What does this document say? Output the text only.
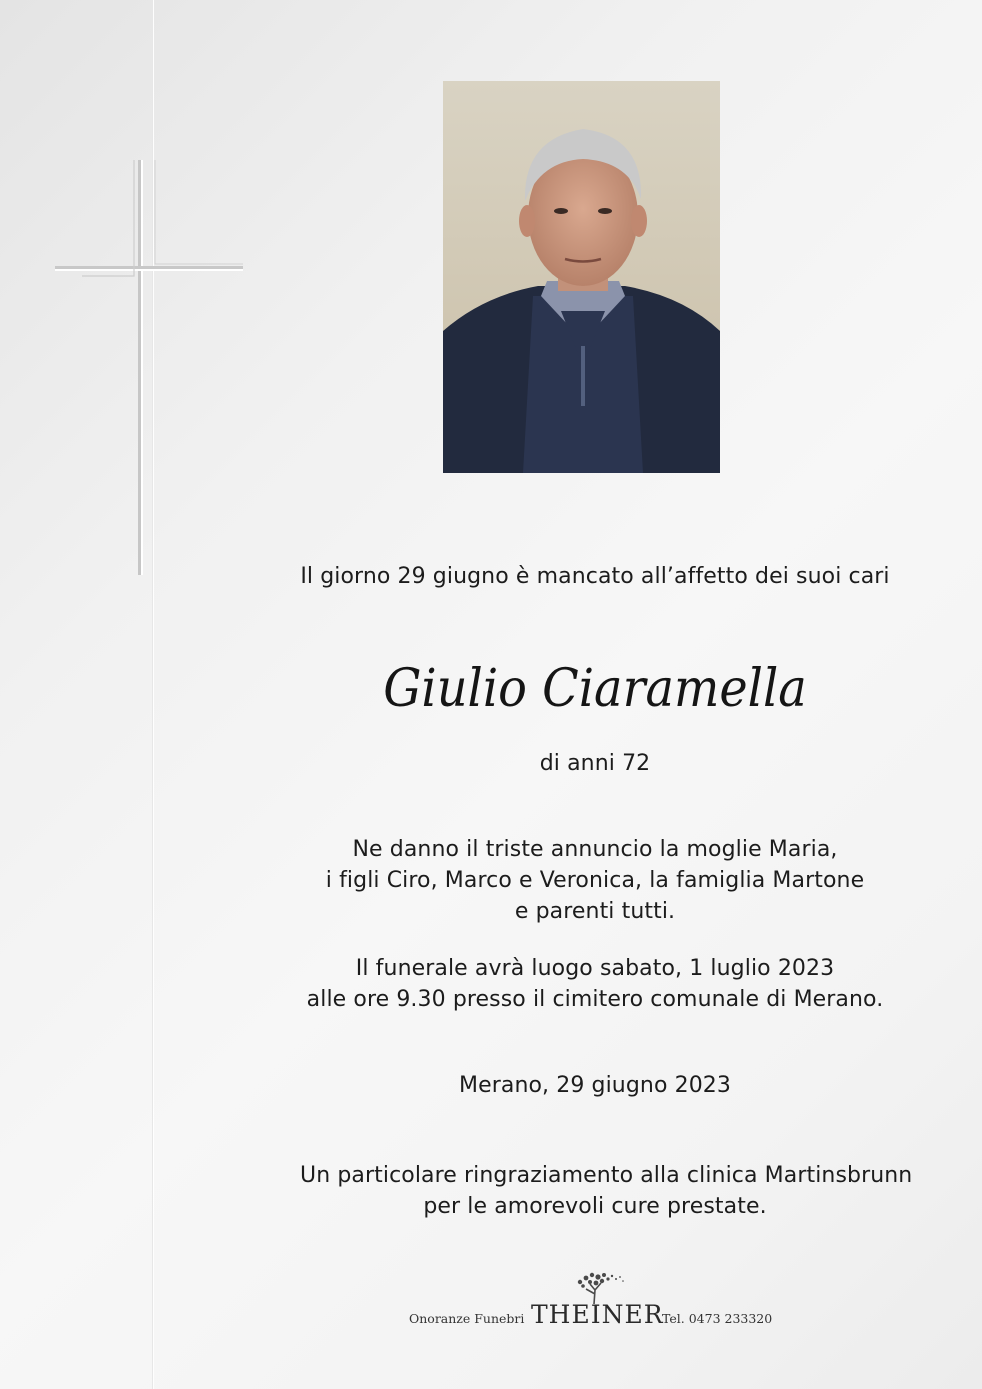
Il giorno 29 giugno è mancato all’affetto dei suoi cari
Giulio Ciaramella
di anni 72
Ne danno il triste annuncio la moglie Maria,
i figli Ciro, Marco e Veronica, la famiglia Martone
e parenti tutti.
Il funerale avrà luogo sabato, 1 luglio 2023
alle ore 9.30 presso il cimitero comunale di Merano.
Merano, 29 giugno 2023
Un particolare ringraziamento alla clinica Martinsbrunn
per le amorevoli cure prestate.
Onoranze Funebri THEINER
Tel. 0473 233320
